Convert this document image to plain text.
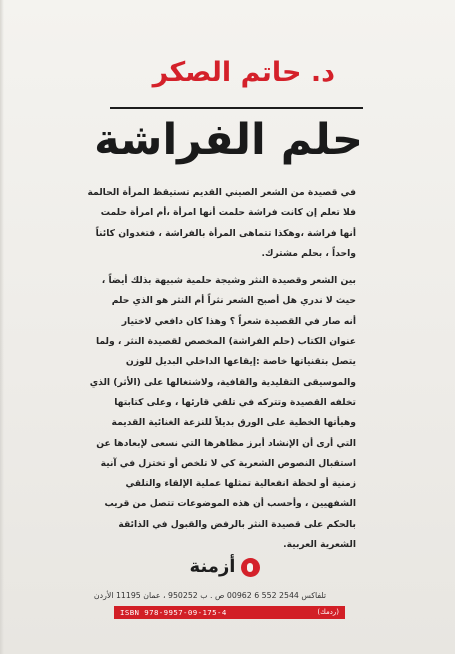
د. حاتم الصكر
حلم الفراشة
في قصيدة من الشعر الصيني القديم تستيقظ المرأة الحالمة
فلا تعلم إن كانت فراشة حلمت أنها امرأة ،أم امرأة حلمت
أنها فراشة ،وهكذا تتماهى المرأة بالفراشة ، فتغدوان كائناً
واحداً ، بحلم مشترك.
بين الشعر وقصيدة النثر وشيجة حلمية شبيهة بذلك أيضاً ،
حيث لا ندري هل أصبح الشعر نثراً أم النثر هو الذي حلم
أنه صار في القصيدة شعراً ؟ وهذا كان دافعي لاختيار
عنوان الكتاب (حلم الفراشة) المخصص لقصيدة النثر ، ولما
يتصل بتقنياتها خاصة :إيقاعها الداخلي البديل للوزن
والموسيقى التقليدية والقافية، ولاشتغالها على (الأثر) الذي
تخلفه القصيدة وتتركه في تلقي قارئها ، وعلى كتابتها
وهيأتها الخطية على الورق بديلاً للنزعة الغنائية القديمة
التي أرى أن الإنشاد أبرز مظاهرها التي نسعى لإبعادها عن
استقبال النصوص الشعرية كي لا تلخص أو تختزل في آنية
زمنية أو لحظة انفعالية تمثلها عملية الإلقاء والتلقي
الشفهيين ، وأحسب أن هذه الموضوعات تتصل من قريب
بالحكم على قصيدة النثر بالرفض والقبول في الذائقة
الشعرية العربية.
أزمنة
تلفاكس 2544 552 6 00962 ص . ب 950252 ، عمان 11195 الأردن
ISBN 978-9957-09-175-4	(ردمك)
